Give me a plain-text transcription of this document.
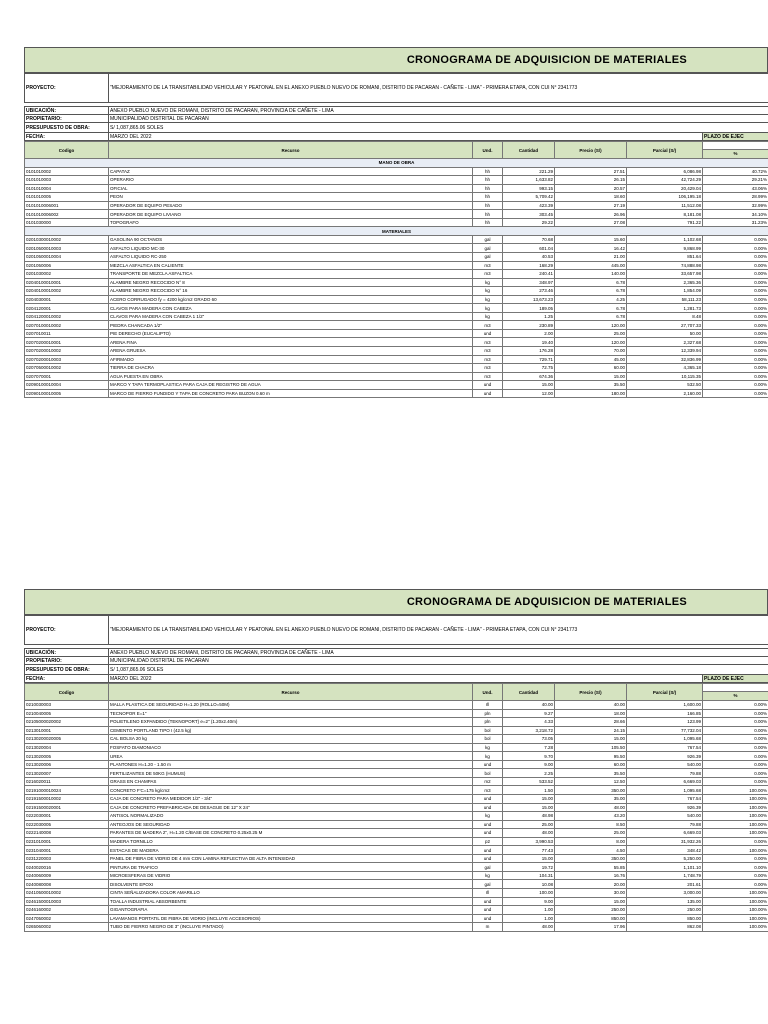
CRONOGRAMA DE ADQUISICION DE MATERIALES
PROYECTO:	"MEJORAMIENTO DE LA TRANSITABILIDAD VEHICULAR Y PEATONAL EN EL ANEXO PUEBLO NUEVO DE ROMANI, DISTRITO DE PACARAN - CAÑETE - LIMA" - PRIMERA ETAPA, CON CUI N° 2341773	

UBICACIÓN:	ANEXO PUEBLO NUEVO DE ROMANI, DISTRITO DE PACARAN, PROVINCIA DE CAÑETE - LIMA	
PROPIETARIO:	MUNICIPALIDAD DISTRITAL DE PACARAN	
PRESUPUESTO DE OBRA:	S/ 1,087,865.06 SOLES	
FECHA:	MARZO DEL 2022	PLAZO DE EJEC
Codigo	Recurso	Und.	Cantidad	Precio (S/)	Parcial (S/)	%

MANO DE OBRA						
0101010002	CAPATAZ	hh	221.29	27.51	6,086.98	40.72%
0101010003	OPERARIO	hh	1,633.82	26.15	42,724.29	29.21%
0101010004	OFICIAL	hh	993.15	20.57	20,429.04	43.06%
0101010005	PEON	hh	5,709.42	18.60	106,195.18	28.99%
0101010006001	OPERADOR DE EQUIPO PESADO	hh	423.39	27.19	11,512.08	32.99%
0101010006002	OPERADOR DE EQUIPO LIVIANO	hh	303.45	26.96	8,181.08	34.10%
0101030000	TOPOGRAFO	hh	29.22	27.08	791.22	31.23%
MATERIALES						
02010300010002	GASOLINA 90 OCTANOS	gal	70.68	15.60	1,102.68	0.00%
02010500010003	ASFALTO LIQUIDO MC-30	gal	601.04	16.42	9,868.99	0.00%
02010500010004	ASFALTO LIQUIDO RC-250	gal	40.53	21.00	851.64	0.00%
0201050006	MEZCLA ASFALTICA EN CALIENTE	m3	168.29	445.00	74,888.98	0.00%
0201030002	TRANSPORTE DE MEZCLA ASFALTICA	m3	240.41	140.00	33,657.98	0.00%
02040100010001	ALAMBRE NEGRO RECOCIDO N° 8	kg	348.97	6.78	2,365.36	0.00%
02040100010002	ALAMBRE NEGRO RECOCIDO N° 16	kg	273.46	6.78	1,854.09	0.00%
0204030001	ACERO CORRUGADO fy = 4200 kg/cm2 GRADO 60	kg	13,673.23	4.25	58,111.23	0.00%
0204120001	CLAVOS PARA MADERA CON CABEZA	kg	189.05	6.78	1,281.73	0.00%
02041200010002	CLAVOS PARA MADERA CON CABEZA 1 1/2"	kg	1.25	6.78	8.48	0.00%
02070100010002	PIEDRA CHANCADA 1/2"	m3	230.89	120.00	27,707.33	0.00%
0207010011	PIE DERECHO (EUCALIPTO)	und	2.00	25.00	50.00	0.00%
02070200010001	ARENA FINA	m3	19.40	120.00	2,327.68	0.00%
02070200010002	ARENA GRUESA	m3	176.28	70.00	12,339.94	0.00%
02070200010003	AFIRMADO	m3	729.71	45.00	32,836.99	0.00%
02070500010002	TIERRA DE CHACRA	m3	72.75	60.00	4,365.18	0.00%
0207070001	AGUA PUESTA EN OBRA	m3	674.36	15.00	10,115.35	0.00%
02090100010004	MARCO Y TAPA TERMOPLASTICA PARA CAJA DE REGISTRO DE AGUA	und	15.00	35.50	532.50	0.00%
02090100010005	MARCO DE FIERRO FUNDIDO Y TAPA DE CONCRETO PARA BUZON 0.60 m	und	12.00	180.00	2,160.00	0.00%
CRONOGRAMA DE ADQUISICION DE MATERIALES
PROYECTO:	"MEJORAMIENTO DE LA TRANSITABILIDAD VEHICULAR Y PEATONAL EN EL ANEXO PUEBLO NUEVO DE ROMANI, DISTRITO DE PACARAN - CAÑETE - LIMA" - PRIMERA ETAPA, CON CUI N° 2341773	

UBICACIÓN:	ANEXO PUEBLO NUEVO DE ROMANI, DISTRITO DE PACARAN, PROVINCIA DE CAÑETE - LIMA	
PROPIETARIO:	MUNICIPALIDAD DISTRITAL DE PACARAN	
PRESUPUESTO DE OBRA:	S/ 1,087,865.06 SOLES	
FECHA:	MARZO DEL 2022	PLAZO DE EJEC
Codigo	Recurso	Und.	Cantidad	Precio (S/)	Parcial (S/)	%

0210030003	MALLA PLASTICA DE SEGURIDAD H=1.20 (ROLLO=50M)	rll	40.00	40.00	1,600.00	0.00%
0210040005	TECNOPOR E=1"	pln	9.27	18.00	166.85	0.00%
02105000020002	POLIETILENO EXPANDIDO (TEKNOPORT) e=2" (1.20x2.40m)	pln	4.33	28.66	123.99	0.00%
0213010001	CEMENTO PORTLAND TIPO I (42.5 kg)	bol	3,218.72	24.15	77,732.04	0.00%
02130200020005	CAL BOLSA 20 kg	bol	73.05	15.00	1,095.68	0.00%
0213020004	FOSFATO DIAMONIACO	kg	7.28	105.50	767.54	0.00%
0213020005	UREA	kg	9.70	95.50	926.39	0.00%
0213020006	PLANTONES H=1.20 - 1.50 m	und	9.00	60.00	540.00	0.00%
0213020007	FERTILIZANTES DE 50KG (HUMUS)	bol	2.25	35.50	79.88	0.00%
0216020011	GRASS EN CHAMPAS	m2	533.52	12.50	6,669.03	0.00%
02191000010024	CONCRETO F'C=175 kg/cm2	m3	1.50	350.00	1,095.68	100.00%
02191500010002	CAJA DE CONCRETO PARA MEDIDOR 1/2" - 3/4"	und	15.00	35.00	767.54	100.00%
02191500020001	CAJA DE CONCRETO PREFABRICADA DE DESAGUE DE 12" X 24"	und	15.00	48.00	926.39	100.00%
0222030001	ANTISOL NORMALIZADO	kg	48.98	43.20	540.00	100.00%
0222030005	ANTEOJOS DE SEGURIDAD	und	25.00	8.50	79.88	100.00%
0222140008	PARANTES DE MADERA 2", H=1.20 C/BASE DE CONCRETO 0.25x0.25 M	und	48.00	25.00	6,669.03	100.00%
0231010001	MADERA TORNILLO	p2	3,990.53	8.00	31,932.26	0.00%
0231040001	ESTACAS DE MADERA	und	77.43	4.50	348.42	100.00%
0231220003	PANEL DE FIBRA DE VIDRIO DE 4 mm CON LAMINA REFLECTIVA DE ALTA INTENSIDAD	und	15.00	350.00	5,250.00	0.00%
0240020016	PINTURA DE TRAFICO	gal	19.72	55.85	1,101.10	0.00%
0240060009	MICROESFERAS DE VIDRIO	kg	104.31	16.76	1,748.79	0.00%
0240080008	DISOLVENTE EPOXI	gal	10.08	20.00	201.61	0.00%
02410500010002	CINTA SEÑALIZADORA COLOR AMARILLO	rll	100.00	30.00	3,000.00	100.00%
02461500010003	TOALLA INDUSTRIAL ABSORBENTE	und	9.00	15.00	135.00	100.00%
0246160002	GIGANTOGRAFIA	und	1.00	250.00	250.00	100.00%
0247050002	LAVAMANOS PORTATIL DE FIBRA DE VIDRIO (INCLUYE ACCESORIOS)	und	1.00	850.00	850.00	100.00%
0265060002	TUBO DE FIERRO NEGRO DE 3" (INCLUYE PINTADO)	m	48.00	17.96	862.08	100.00%
